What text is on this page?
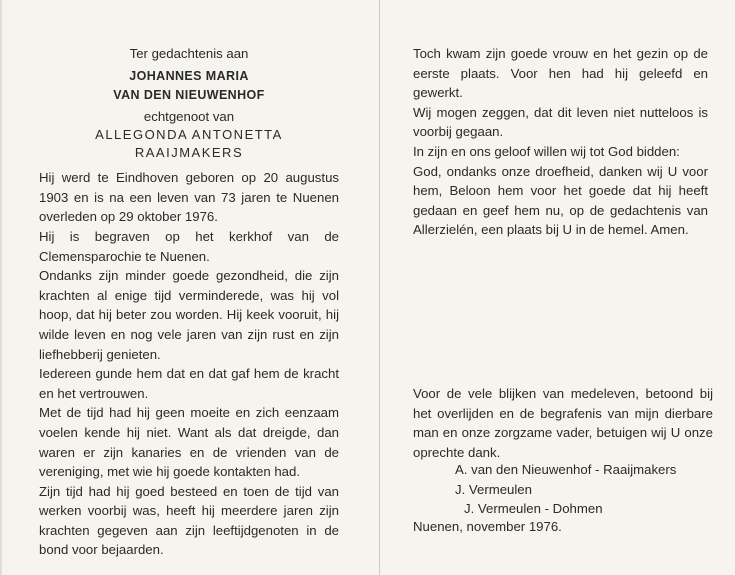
Ter gedachtenis aan
JOHANNES MARIA
VAN DEN NIEUWENHOF
echtgenoot van
ALLEGONDA ANTONETTA
RAAIJMAKERS

Hij werd te Eindhoven geboren op 20 augustus 1903 en is na een leven van 73 jaren te Nuenen overleden op 29 oktober 1976.

Hij is begraven op het kerkhof van de Clemensparochie te Nuenen.

Ondanks zijn minder goede gezondheid, die zijn krachten al enige tijd verminderede, was hij vol hoop, dat hij beter zou worden. Hij keek vooruit, hij wilde leven en nog vele jaren van zijn rust en zijn liefhebberij genieten.

Iedereen gunde hem dat en dat gaf hem de kracht en het vertrouwen.

Met de tijd had hij geen moeite en zich eenzaam voelen kende hij niet. Want als dat dreigde, dan waren er zijn kanaries en de vrienden van de vereniging, met wie hij goede kontakten had.

Zijn tijd had hij goed besteed en toen de tijd van werken voorbij was, heeft hij meerdere jaren zijn krachten gegeven aan zijn leeftijdgenoten in de bond voor bejaarden.

Toch kwam zijn goede vrouw en het gezin op de eerste plaats. Voor hen had hij geleefd en gewerkt.

Wij mogen zeggen, dat dit leven niet nutteloos is voorbij gegaan.

In zijn en ons geloof willen wij tot God bidden:

God, ondanks onze droefheid, danken wij U voor hem, Beloon hem voor het goede dat hij heeft gedaan en geef hem nu, op de gedachtenis van Allerzielén, een plaats bij U in de hemel. Amen.

Voor de vele blijken van medeleven, betoond bij het overlijden en de begrafenis van mijn dierbare man en onze zorgzame vader, betuigen wij U onze oprechte dank.
A. van den Nieuwenhof - Raaijmakers
J. Vermeulen
J. Vermeulen - Dohmen
Nuenen, november 1976.
